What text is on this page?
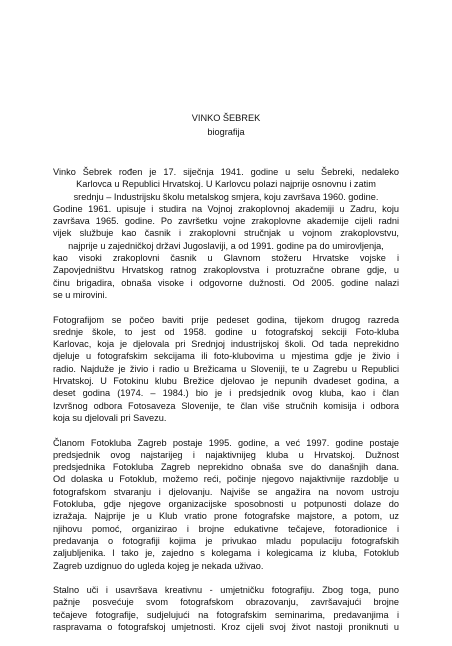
VINKO ŠEBREK
biografija
Vinko Šebrek rođen je 17. siječnja 1941. godine u selu Šebreki, nedaleko
Karlovca u Republici Hrvatskoj. U Karlovcu polazi najprije osnovnu i zatim
srednju – Industrijsku školu metalskog smjera, koju završava 1960. godine.
Godine 1961. upisuje i studira na Vojnoj zrakoplovnoj akademiji u Zadru, koju
završava 1965. godine. Po završetku vojne zrakoplovne akademije cijeli radni
vijek službuje kao časnik i zrakoplovni stručnjak u vojnom zrakoplovstvu,
najprije u zajedničkoj državi Jugoslaviji, a od 1991. godine pa do umirovljenja,
kao visoki zrakoplovni časnik u Glavnom stožeru Hrvatske vojske i
Zapovjedništvu Hrvatskog ratnog zrakoplovstva i protuzračne obrane gdje, u
činu brigadira, obnaša visoke i odgovorne dužnosti. Od 2005. godine nalazi
se u mirovini.
Fotografijom se počeo baviti prije pedeset godina, tijekom drugog razreda
srednje škole, to jest od 1958. godine u fotografskoj sekciji Foto-kluba
Karlovac, koja je djelovala pri Srednjoj industrijskoj školi. Od tada neprekidno
djeluje u fotografskim sekcijama ili foto-klubovima u mjestima gdje je živio i
radio. Najduže je živio i radio u Brežicama u Sloveniji, te u Zagrebu u Republici
Hrvatskoj. U Fotokinu klubu Brežice djelovao je nepunih dvadeset godina, a
deset godina (1974. – 1984.) bio je i predsjednik ovog kluba, kao i član
Izvršnog odbora Fotosaveza Slovenije, te član više stručnih komisija i odbora
koja su djelovali pri Savezu.
Članom Fotokluba Zagreb postaje 1995. godine, a već 1997. godine postaje
predsjednik ovog najstarijeg i najaktivnijeg kluba u Hrvatskoj. Dužnost
predsjednika Fotokluba Zagreb neprekidno obnaša sve do današnjih dana.
Od dolaska u Fotoklub, možemo reći, počinje njegovo najaktivnije razdoblje u
fotografskom stvaranju i djelovanju. Najviše se angažira na novom ustroju
Fotokluba, gdje njegove organizacijske sposobnosti u potpunosti dolaze do
izražaja. Najprije je u Klub vratio prone fotografske majstore, a potom, uz
njihovu pomoć, organizirao i brojne edukativne tečajeve, fotoradionice i
predavanja o fotografiji kojima je privukao mladu populaciju fotografskih
zaljubljenika. I tako je, zajedno s kolegama i kolegicama iz kluba, Fotoklub
Zagreb uzdignuo do ugleda kojeg je nekada uživao.
Stalno uči i usavršava kreativnu - umjetničku fotografiju. Zbog toga, puno
pažnje posvećuje svom fotografskom obrazovanju, završavajući brojne
tečajeve fotografije, sudjelujući na fotografskim seminarima, predavanjima i
raspravama o fotografskoj umjetnosti. Kroz cijeli svoj život nastoji proniknuti u
